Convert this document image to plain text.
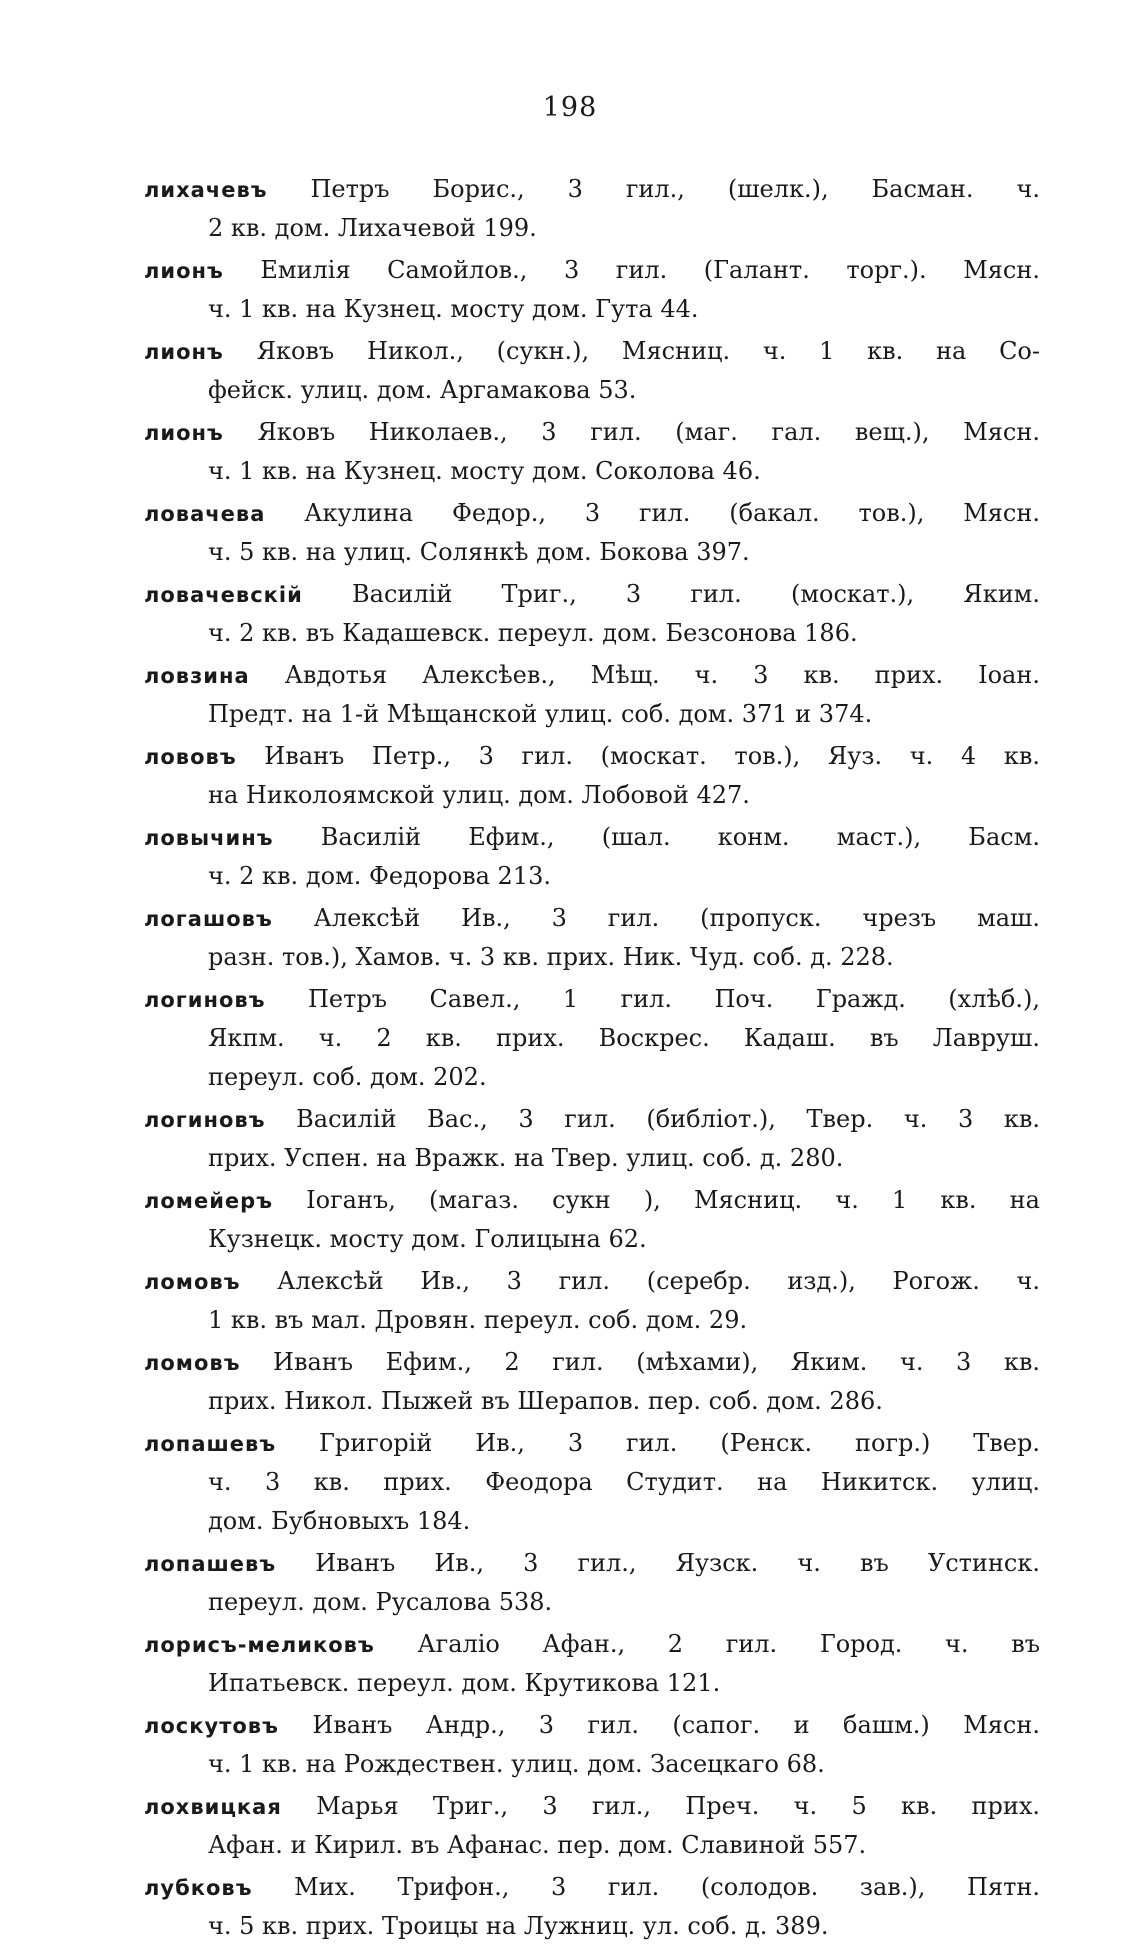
198
лихачевъ Петръ Борис., 3 гил., (шелк.), Басман. ч.
2 кв. дом. Лихачевой 199.
лионъ Емилія Самойлов., 3 гил. (Галант. торг.). Мясн.
ч. 1 кв. на Кузнец. мосту дом. Гута 44.
лионъ Яковъ Никол., (сукн.), Мясниц. ч. 1 кв. на Со-
фейск. улиц. дом. Аргамакова 53.
лионъ Яковъ Николаев., 3 гил. (маг. гал. вещ.), Мясн.
ч. 1 кв. на Кузнец. мосту дом. Соколова 46.
ловачева Акулина Федор., 3 гил. (бакал. тов.), Мясн.
ч. 5 кв. на улиц. Солянкѣ дом. Бокова 397.
ловачевскій Василій Триг., 3 гил. (москат.), Яким.
ч. 2 кв. въ Кадашевск. переул. дом. Безсонова 186.
ловзина Авдотья Алексѣев., Мѣщ. ч. 3 кв. прих. Іоан.
Предт. на 1-й Мѣщанской улиц. соб. дом. 371 и 374.
лововъ Иванъ Петр., 3 гил. (москат. тов.), Яуз. ч. 4 кв.
на Николоямской улиц. дом. Лобовой 427.
ловычинъ Василій Ефим., (шал. конм. маст.), Басм.
ч. 2 кв. дом. Федорова 213.
логашовъ Алексѣй Ив., 3 гил. (пропуск. чрезъ маш.
разн. тов.), Хамов. ч. 3 кв. прих. Ник. Чуд. соб. д. 228.
логиновъ Петръ Савел., 1 гил. Поч. Гражд. (хлѣб.),
Якпм. ч. 2 кв. прих. Воскрес. Кадаш. въ Лавруш.
переул. соб. дом. 202.
логиновъ Василій Вас., 3 гил. (библіот.), Твер. ч. 3 кв.
прих. Успен. на Вражк. на Твер. улиц. соб. д. 280.
ломейеръ Іоганъ, (магаз. сукн ), Мясниц. ч. 1 кв. на
Кузнецк. мосту дом. Голицына 62.
ломовъ Алексѣй Ив., 3 гил. (серебр. изд.), Рогож. ч.
1 кв. въ мал. Дровян. переул. соб. дом. 29.
ломовъ Иванъ Ефим., 2 гил. (мѣхами), Яким. ч. 3 кв.
прих. Никол. Пыжей въ Шерапов. пер. соб. дом. 286.
лопашевъ Григорій Ив., 3 гил. (Ренск. погр.) Твер.
ч. 3 кв. прих. Феодора Студит. на Никитск. улиц.
дом. Бубновыхъ 184.
лопашевъ Иванъ Ив., 3 гил., Яузск. ч. въ Устинск.
переул. дом. Русалова 538.
лорисъ-меликовъ Агаліо Афан., 2 гил. Город. ч. въ
Ипатьевск. переул. дом. Крутикова 121.
лоскутовъ Иванъ Андр., 3 гил. (сапог. и башм.) Мясн.
ч. 1 кв. на Рождествен. улиц. дом. Засецкаго 68.
лохвицкая Марья Триг., 3 гил., Преч. ч. 5 кв. прих.
Афан. и Кирил. въ Афанас. пер. дом. Славиной 557.
лубковъ Мих. Трифон., 3 гил. (солодов. зав.), Пятн.
ч. 5 кв. прих. Троицы на Лужниц. ул. соб. д. 389.
